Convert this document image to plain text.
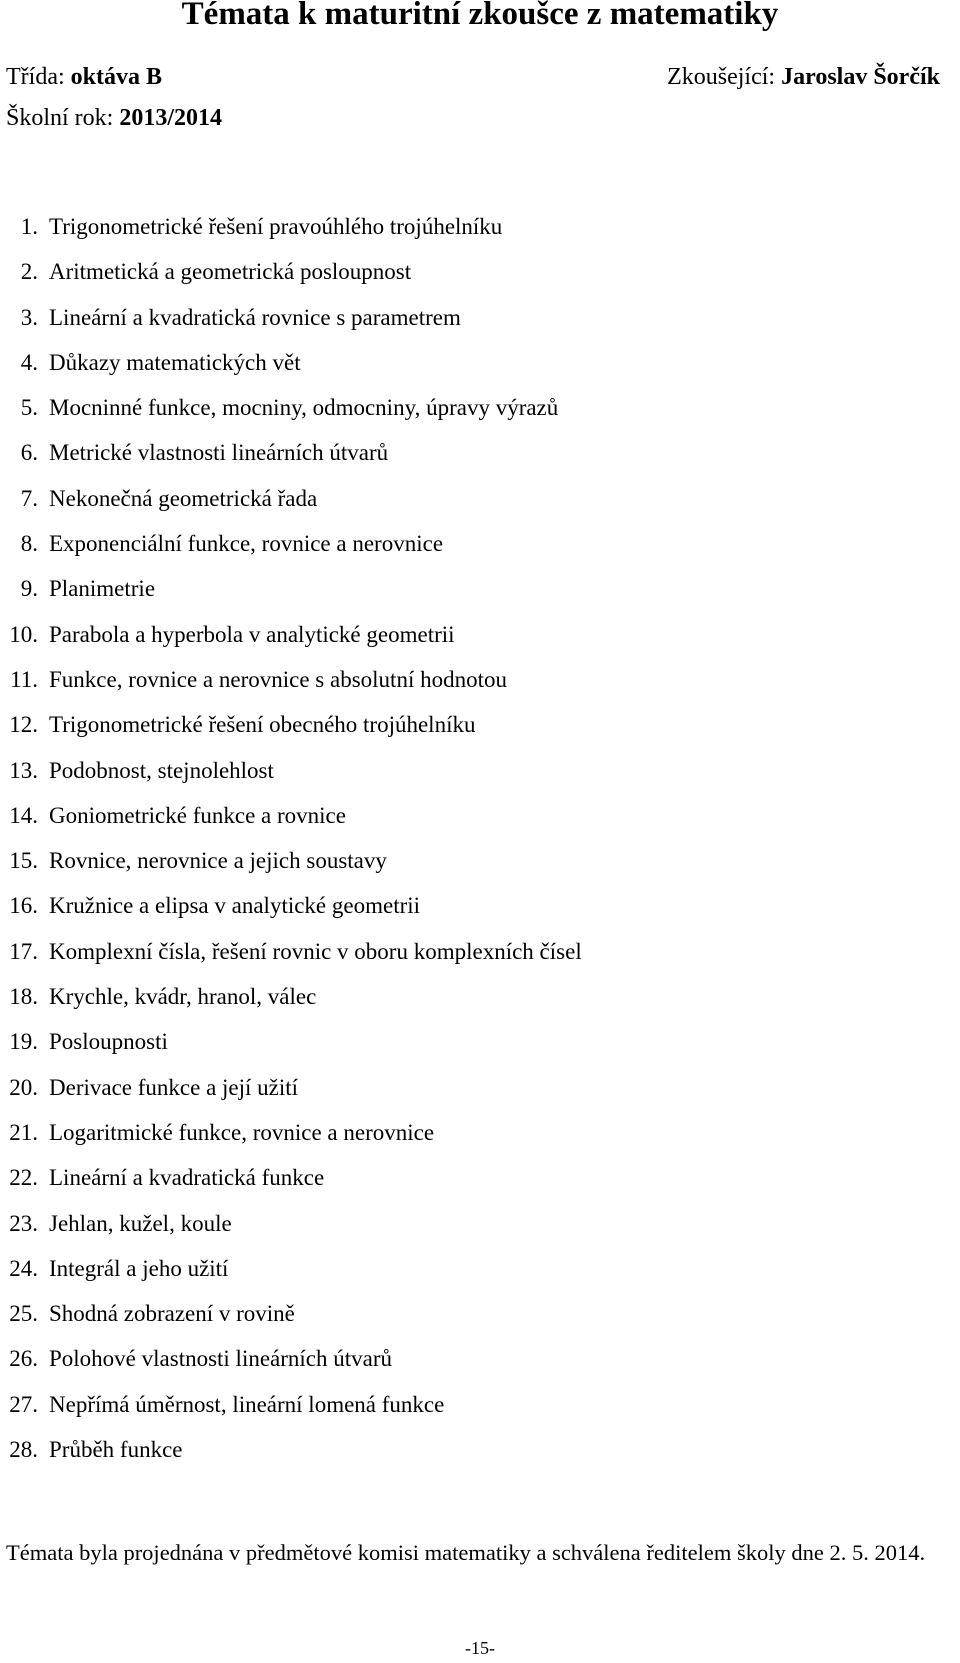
Témata k maturitní zkoušce z matematiky
Třída: oktáva B	Zkoušející: Jaroslav Šorčík
Školní rok: 2013/2014
1. Trigonometrické řešení pravoúhlého trojúhelníku
2. Aritmetická a geometrická posloupnost
3. Lineární a kvadratická rovnice s parametrem
4. Důkazy matematických vět
5. Mocninné funkce, mocniny, odmocniny, úpravy výrazů
6. Metrické vlastnosti lineárních útvarů
7. Nekonečná geometrická řada
8. Exponenciální funkce, rovnice a nerovnice
9. Planimetrie
10. Parabola a hyperbola v analytické geometrii
11. Funkce, rovnice a nerovnice s absolutní hodnotou
12. Trigonometrické řešení obecného trojúhelníku
13. Podobnost, stejnolehlost
14. Goniometrické funkce a rovnice
15. Rovnice, nerovnice a jejich soustavy
16. Kružnice a elipsa v analytické geometrii
17. Komplexní čísla, řešení rovnic v oboru komplexních čísel
18. Krychle, kvádr, hranol, válec
19. Posloupnosti
20. Derivace funkce a její užití
21. Logaritmické funkce, rovnice a nerovnice
22. Lineární a kvadratická funkce
23. Jehlan, kužel, koule
24. Integrál a jeho užití
25. Shodná zobrazení v rovině
26. Polohové vlastnosti lineárních útvarů
27. Nepřímá úměrnost, lineární lomená funkce
28. Průběh funkce

Témata byla projednána v předmětové komisi matematiky a schválena ředitelem školy dne 2. 5. 2014.

-15-
